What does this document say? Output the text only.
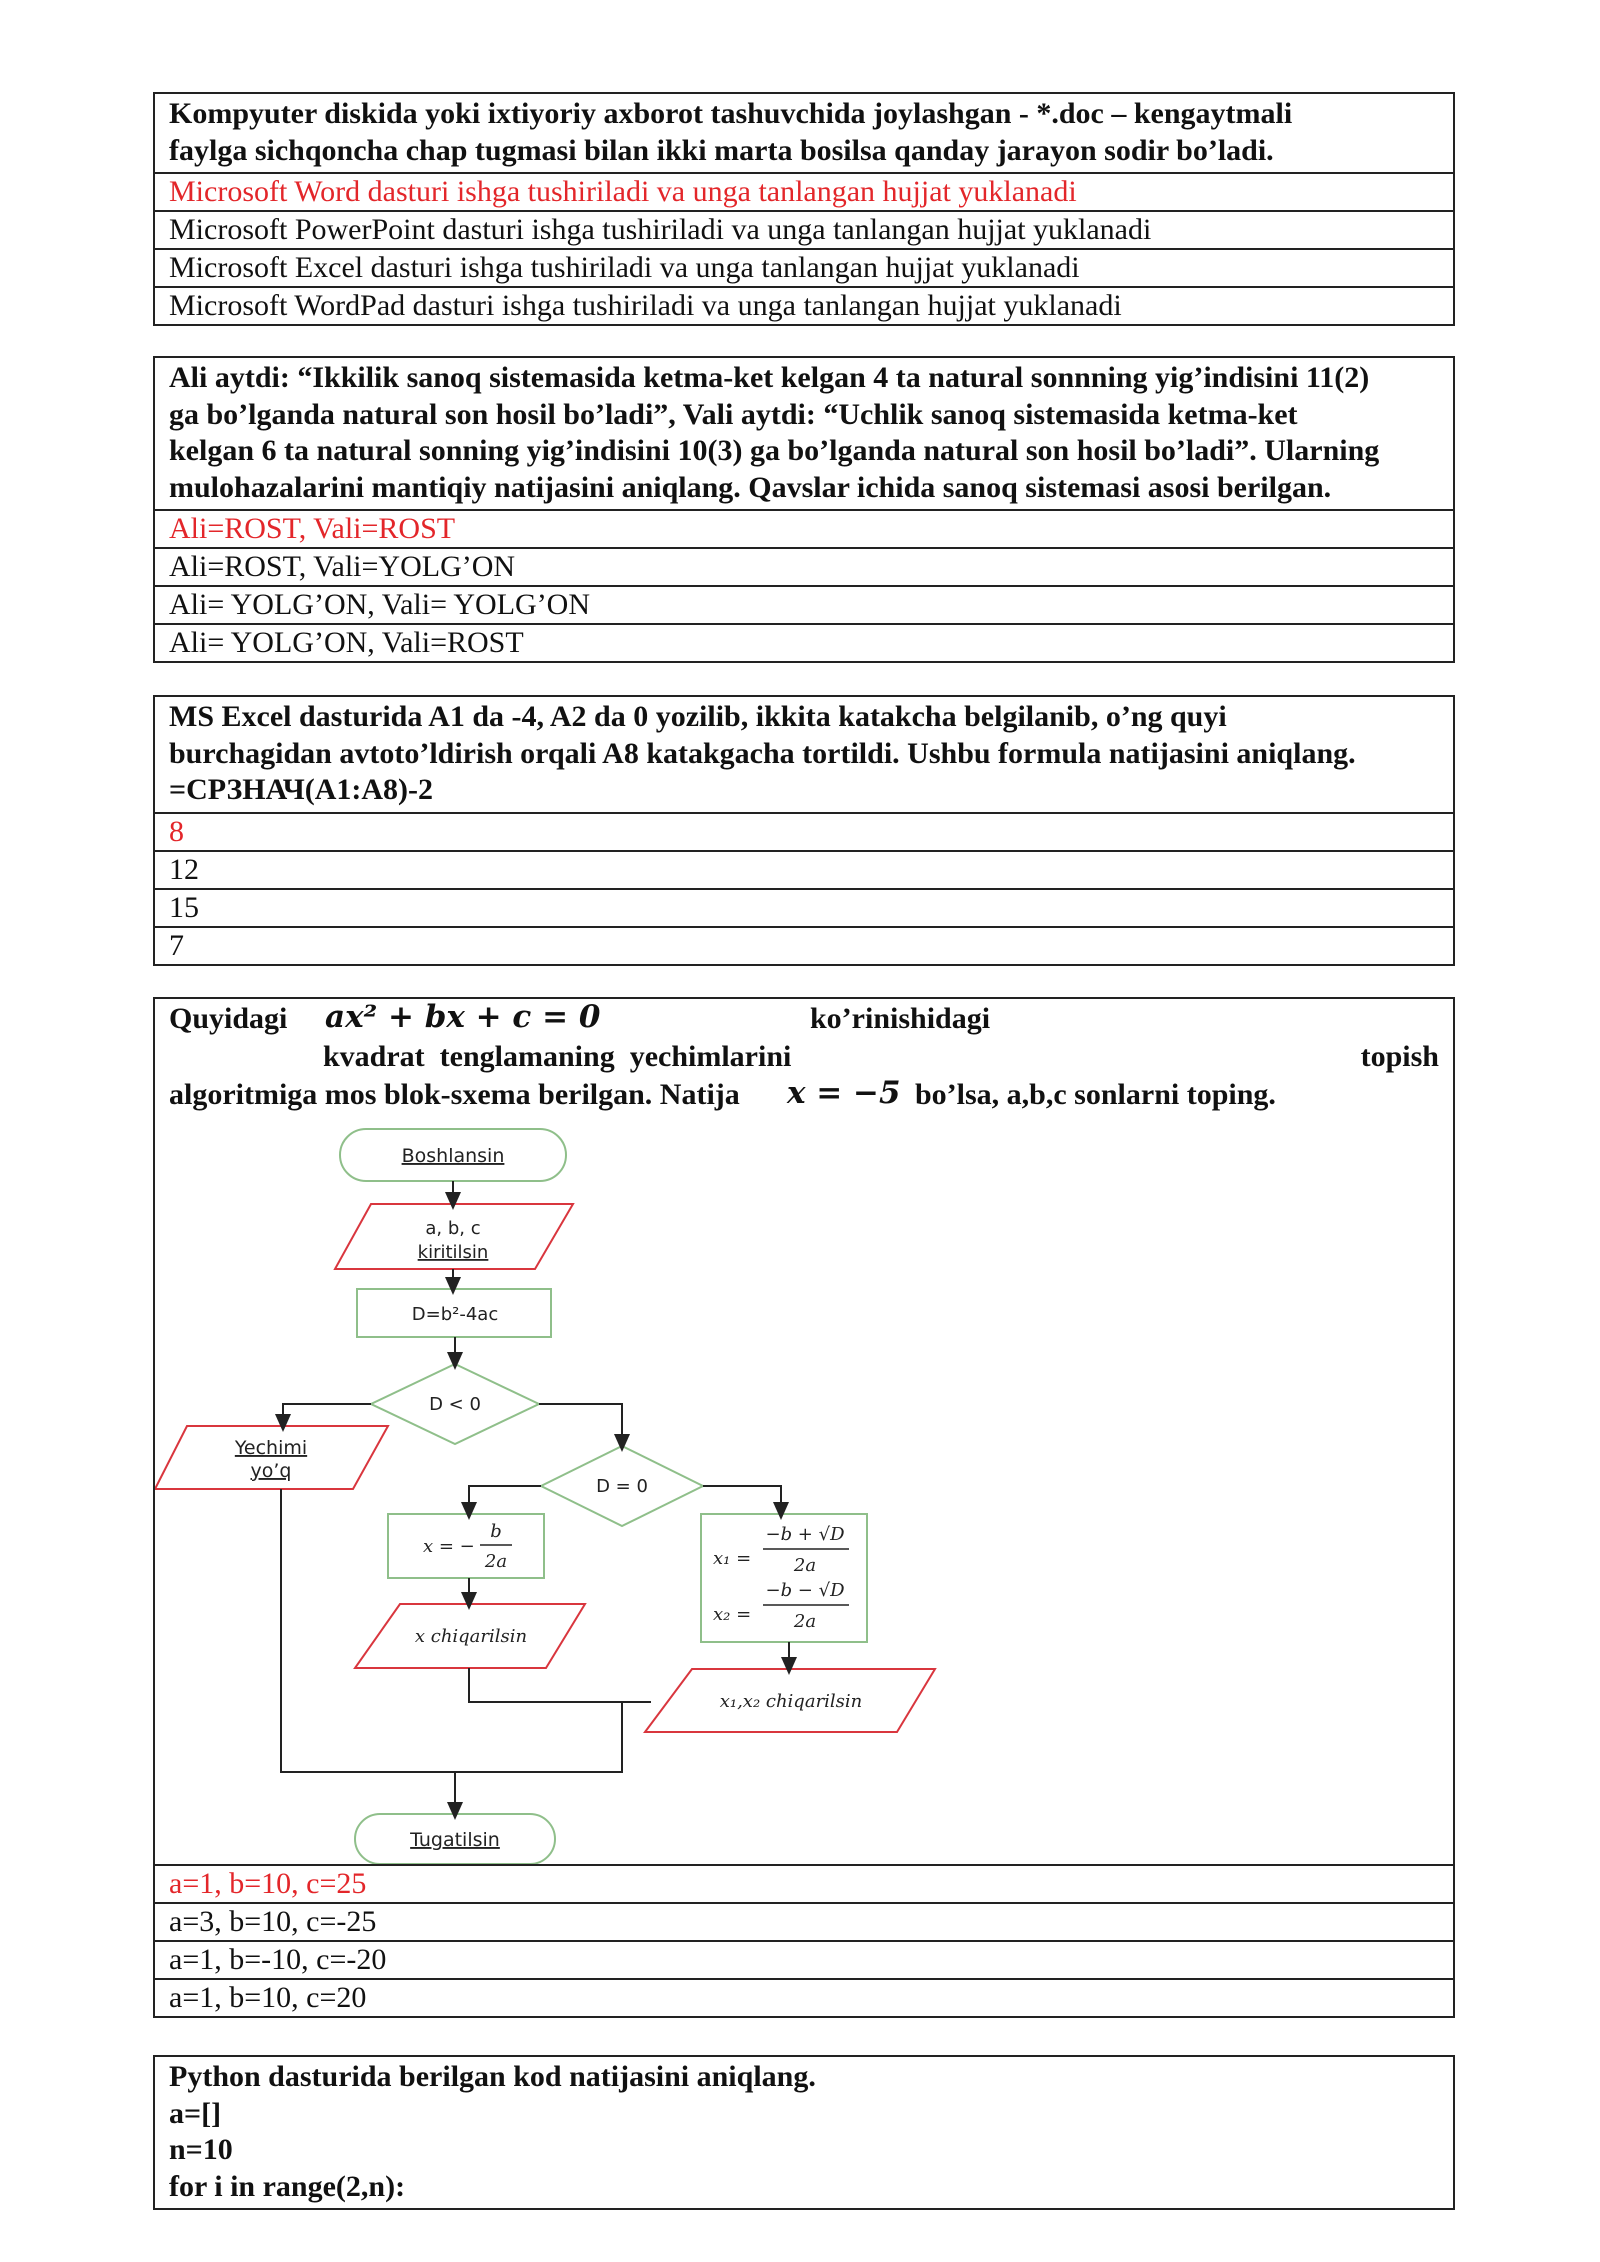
Kompyuter diskida yoki ixtiyoriy axborot tashuvchida joylashgan - *.doc – kengaytmali
faylga sichqoncha chap tugmasi bilan ikki marta bosilsa qanday jarayon sodir bo’ladi.
Microsoft Word dasturi ishga tushiriladi va unga tanlangan hujjat yuklanadi
Microsoft PowerPoint dasturi ishga tushiriladi va unga tanlangan hujjat yuklanadi
Microsoft Excel dasturi ishga tushiriladi va unga tanlangan hujjat yuklanadi
Microsoft WordPad dasturi ishga tushiriladi va unga tanlangan hujjat yuklanadi
Ali aytdi: “Ikkilik sanoq sistemasida ketma-ket kelgan 4 ta natural sonnning yig’indisini 11(2)
ga bo’lganda natural son hosil bo’ladi”, Vali aytdi: “Uchlik sanoq sistemasida ketma-ket
kelgan 6 ta natural sonning yig’indisini 10(3) ga bo’lganda natural son hosil bo’ladi”. Ularning
mulohazalarini mantiqiy natijasini aniqlang. Qavslar ichida sanoq sistemasi asosi berilgan.
Ali=ROST, Vali=ROST
Ali=ROST, Vali=YOLG’ON
Ali= YOLG’ON, Vali= YOLG’ON
Ali= YOLG’ON, Vali=ROST
MS Excel dasturida A1 da -4, A2 da 0 yozilib, ikkita katakcha belgilanib, o’ng quyi
burchagidan avtoto’ldirish orqali A8 katakgacha tortildi. Ushbu formula natijasini aniqlang.
=СРЗНАЧ(A1:A8)-2
8
12
15
7
Quyidagi ax² + bx + c = 0	ko’rinishidagi
kvadrat  tenglamaning  yechimlarini	topish
algoritmiga mos blok-sxema berilgan. Natija x = −5 bo’lsa, a,b,c sonlarni toping.
Boshlansin
a, b, c
kiritilsin
D=b²-4ac
D < 0
Yechimi
yo’q
D = 0
x = −
b
2a	x₁ =
−b + √D
2a
x₂ =
−b − √D
2a
x chiqarilsin
x₁,x₂ chiqarilsin
Tugatilsin
a=1, b=10, c=25
a=3, b=10, c=-25
a=1, b=-10, c=-20
a=1, b=10, c=20
Python dasturida berilgan kod natijasini aniqlang.
a=[]
n=10
for i in range(2,n):
